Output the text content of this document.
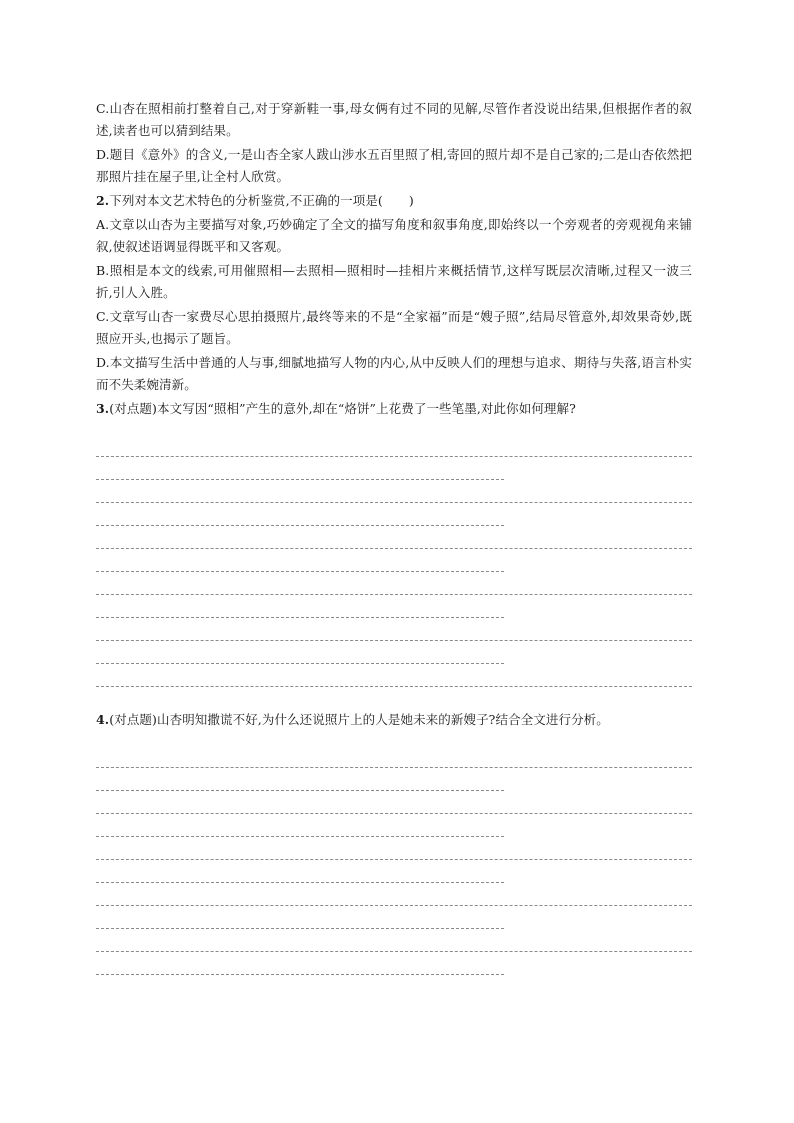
C.山杏在照相前打整着自己,对于穿新鞋一事,母女俩有过不同的见解,尽管作者没说出结果,但根据作者的叙述,读者也可以猜到结果。

D.题目《意外》的含义,一是山杏全家人跋山涉水五百里照了相,寄回的照片却不是自己家的;二是山杏依然把那照片挂在屋子里,让全村人欣赏。

2.下列对本文艺术特色的分析鉴赏,不正确的一项是( )

A.文章以山杏为主要描写对象,巧妙确定了全文的描写角度和叙事角度,即始终以一个旁观者的旁观视角来铺叙,使叙述语调显得既平和又客观。

B.照相是本文的线索,可用催照相—去照相—照相时—挂相片来概括情节,这样写既层次清晰,过程又一波三折,引人入胜。

C.文章写山杏一家费尽心思拍摄照片,最终等来的不是“全家福”而是“嫂子照”,结局尽管意外,却效果奇妙,既照应开头,也揭示了题旨。

D.本文描写生活中普通的人与事,细腻地描写人物的内心,从中反映人们的理想与追求、期待与失落,语言朴实而不失柔婉清新。

3.(对点题)本文写因“照相”产生的意外,却在“烙饼”上花费了一些笔墨,对此你如何理解?

4.(对点题)山杏明知撒谎不好,为什么还说照片上的人是她未来的新嫂子?结合全文进行分析。
